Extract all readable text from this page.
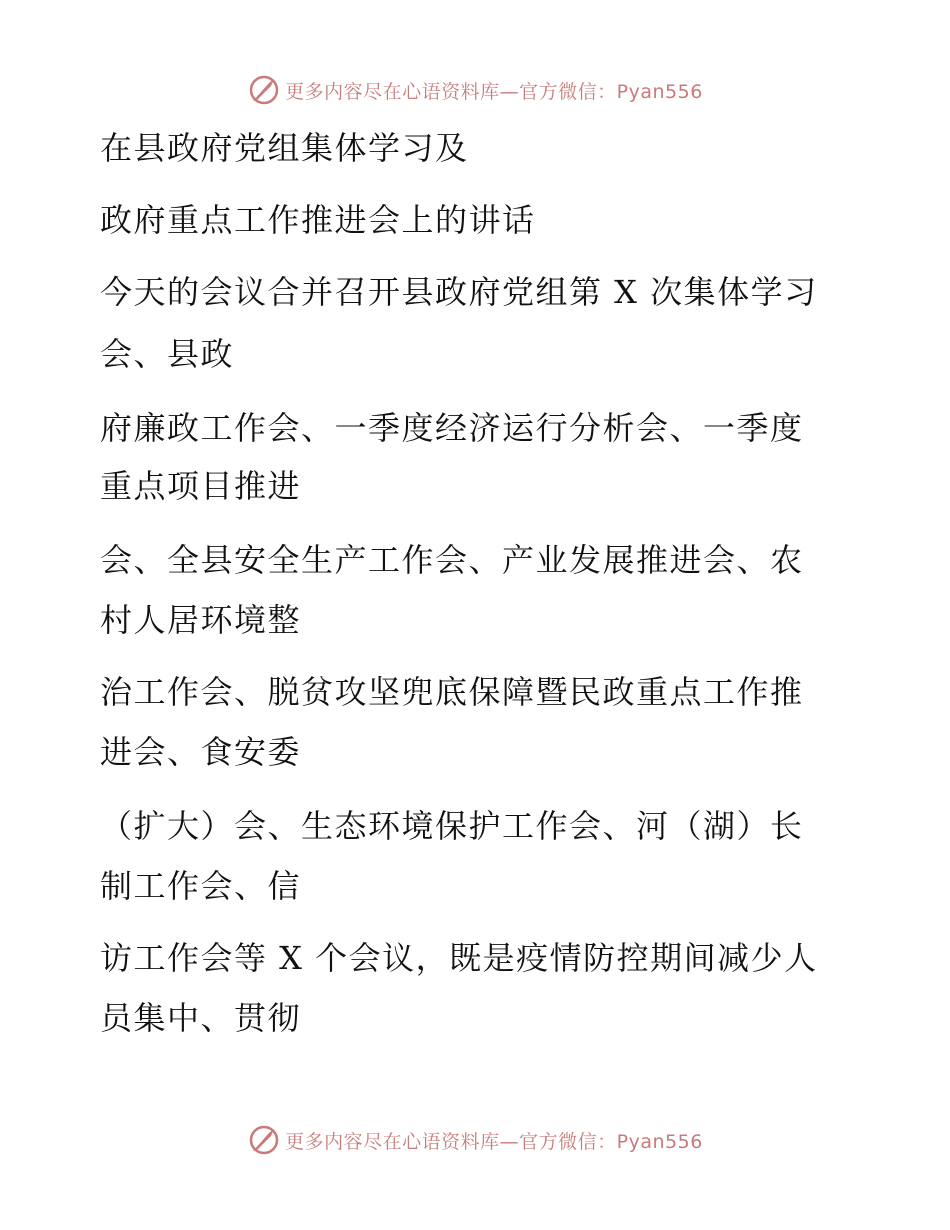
更多内容尽在心语资料库—官方微信：Pyan556
在县政府党组集体学习及
政府重点工作推进会上的讲话
今天的会议合并召开县政府党组第 X 次集体学习
会、县政
府廉政工作会、一季度经济运行分析会、一季度
重点项目推进
会、全县安全生产工作会、产业发展推进会、农
村人居环境整
治工作会、脱贫攻坚兜底保障暨民政重点工作推
进会、食安委
（扩大）会、生态环境保护工作会、河（湖）长
制工作会、信
访工作会等 X 个会议，既是疫情防控期间减少人
员集中、贯彻
更多内容尽在心语资料库—官方微信：Pyan556
